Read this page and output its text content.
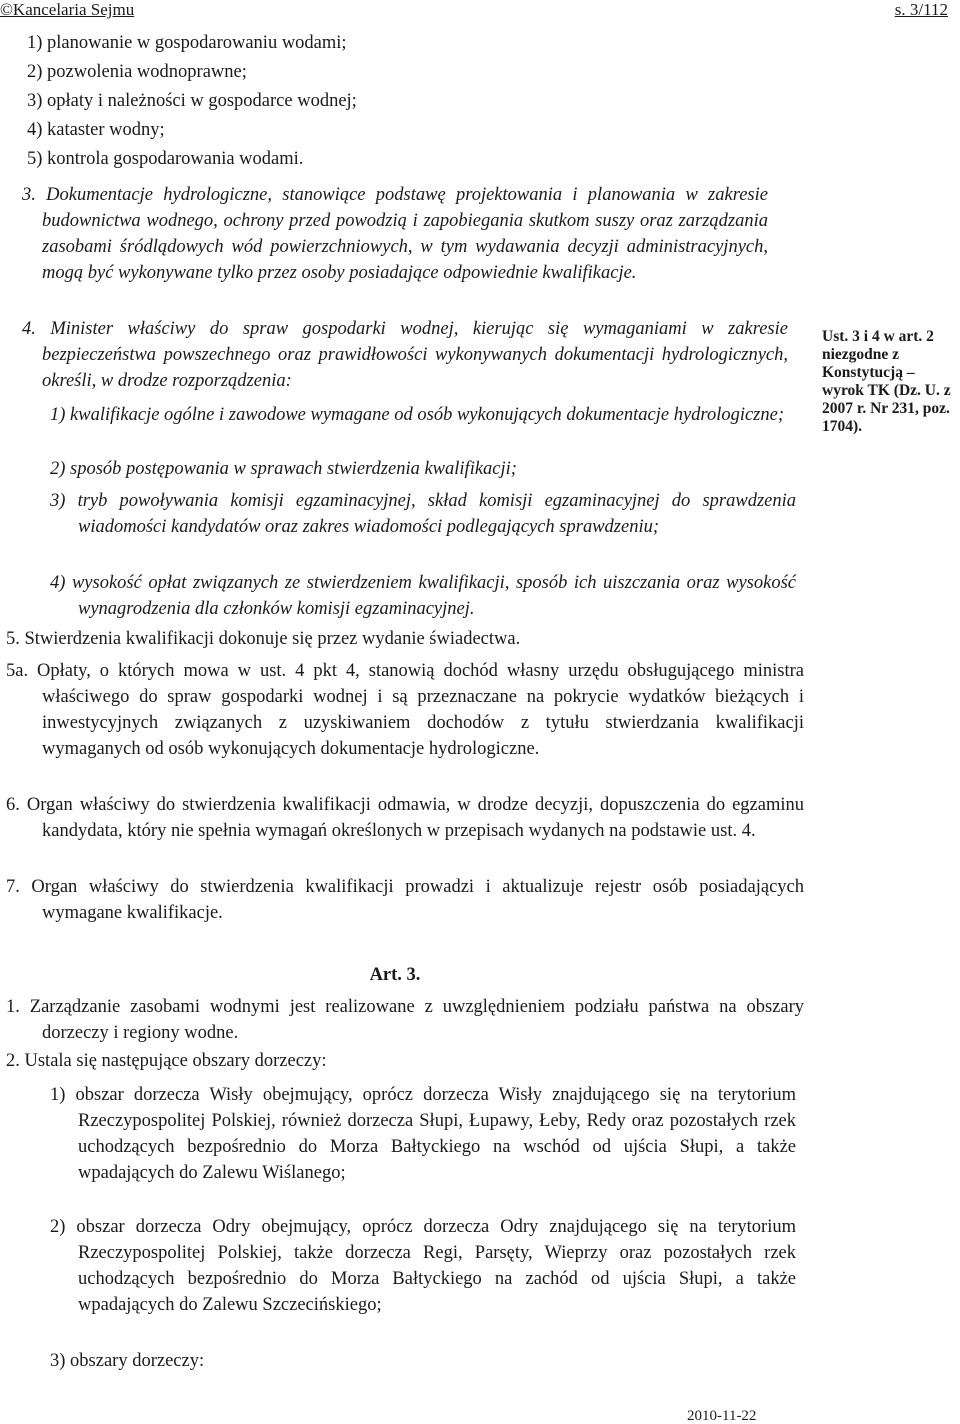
©Kancelaria Sejmu	s. 3/112

1) planowanie w gospodarowaniu wodami;

2) pozwolenia wodnoprawne;

3) opłaty i należności w gospodarce wodnej;

4) kataster wodny;

5) kontrola gospodarowania wodami.

3. Dokumentacje hydrologiczne, stanowiące podstawę projektowania i planowania w zakresie budownictwa wodnego, ochrony przed powodzią i zapobiegania skutkom suszy oraz zarządzania zasobami śródlądowych wód powierzchniowych, w tym wydawania decyzji administracyjnych, mogą być wykonywane tylko przez osoby posiadające odpowiednie kwalifikacje.

4. Minister właściwy do spraw gospodarki wodnej, kierując się wymaganiami w zakresie bezpieczeństwa powszechnego oraz prawidłowości wykonywanych dokumentacji hydrologicznych, określi, w drodze rozporządzenia:

1) kwalifikacje ogólne i zawodowe wymagane od osób wykonujących dokumentacje hydrologiczne;

2) sposób postępowania w sprawach stwierdzenia kwalifikacji;

3) tryb powoływania komisji egzaminacyjnej, skład komisji egzaminacyjnej do sprawdzenia wiadomości kandydatów oraz zakres wiadomości podlegających sprawdzeniu;

4) wysokość opłat związanych ze stwierdzeniem kwalifikacji, sposób ich uiszczania oraz wysokość wynagrodzenia dla członków komisji egzaminacyjnej.

Ust. 3 i 4 w art. 2 niezgodne z Konstytucją – wyrok TK (Dz. U. z 2007 r. Nr 231, poz. 1704).

5. Stwierdzenia kwalifikacji dokonuje się przez wydanie świadectwa.

5a. Opłaty, o których mowa w ust. 4 pkt 4, stanowią dochód własny urzędu obsługującego ministra właściwego do spraw gospodarki wodnej i są przeznaczane na pokrycie wydatków bieżących i inwestycyjnych związanych z uzyskiwaniem dochodów z tytułu stwierdzania kwalifikacji wymaganych od osób wykonujących dokumentacje hydrologiczne.

6. Organ właściwy do stwierdzenia kwalifikacji odmawia, w drodze decyzji, dopuszczenia do egzaminu kandydata, który nie spełnia wymagań określonych w przepisach wydanych na podstawie ust. 4.

7. Organ właściwy do stwierdzenia kwalifikacji prowadzi i aktualizuje rejestr osób posiadających wymagane kwalifikacje.

Art. 3.

1. Zarządzanie zasobami wodnymi jest realizowane z uwzględnieniem podziału państwa na obszary dorzeczy i regiony wodne.

2. Ustala się następujące obszary dorzeczy:

1) obszar dorzecza Wisły obejmujący, oprócz dorzecza Wisły znajdującego się na terytorium Rzeczypospolitej Polskiej, również dorzecza Słupi, Łupawy, Łeby, Redy oraz pozostałych rzek uchodzących bezpośrednio do Morza Bałtyckiego na wschód od ujścia Słupi, a także wpadających do Zalewu Wiślanego;

2) obszar dorzecza Odry obejmujący, oprócz dorzecza Odry znajdującego się na terytorium Rzeczypospolitej Polskiej, także dorzecza Regi, Parsęty, Wieprzy oraz pozostałych rzek uchodzących bezpośrednio do Morza Bałtyckiego na zachód od ujścia Słupi, a także wpadających do Zalewu Szczecińskiego;

3) obszary dorzeczy:

2010-11-22
